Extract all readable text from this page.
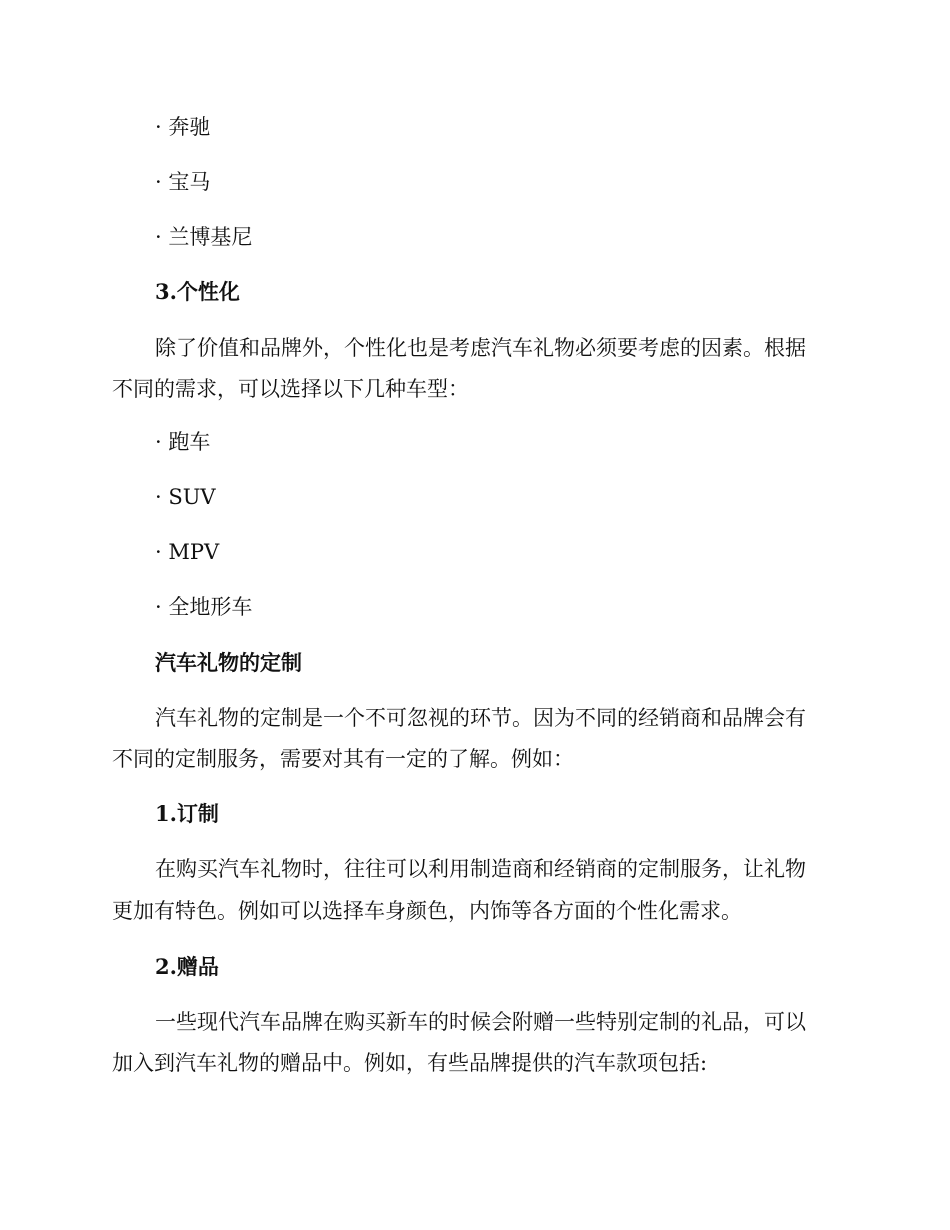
· 奔驰
· 宝马
· 兰博基尼
3.个性化
除了价值和品牌外，个性化也是考虑汽车礼物必须要考虑的因素。根据
不同的需求，可以选择以下几种车型：
· 跑车
· SUV
· MPV
· 全地形车
汽车礼物的定制
汽车礼物的定制是一个不可忽视的环节。因为不同的经销商和品牌会有
不同的定制服务，需要对其有一定的了解。例如：
1.订制
在购买汽车礼物时，往往可以利用制造商和经销商的定制服务，让礼物
更加有特色。例如可以选择车身颜色，内饰等各方面的个性化需求。
2.赠品
一些现代汽车品牌在购买新车的时候会附赠一些特别定制的礼品，可以
加入到汽车礼物的赠品中。例如，有些品牌提供的汽车款项包括:
